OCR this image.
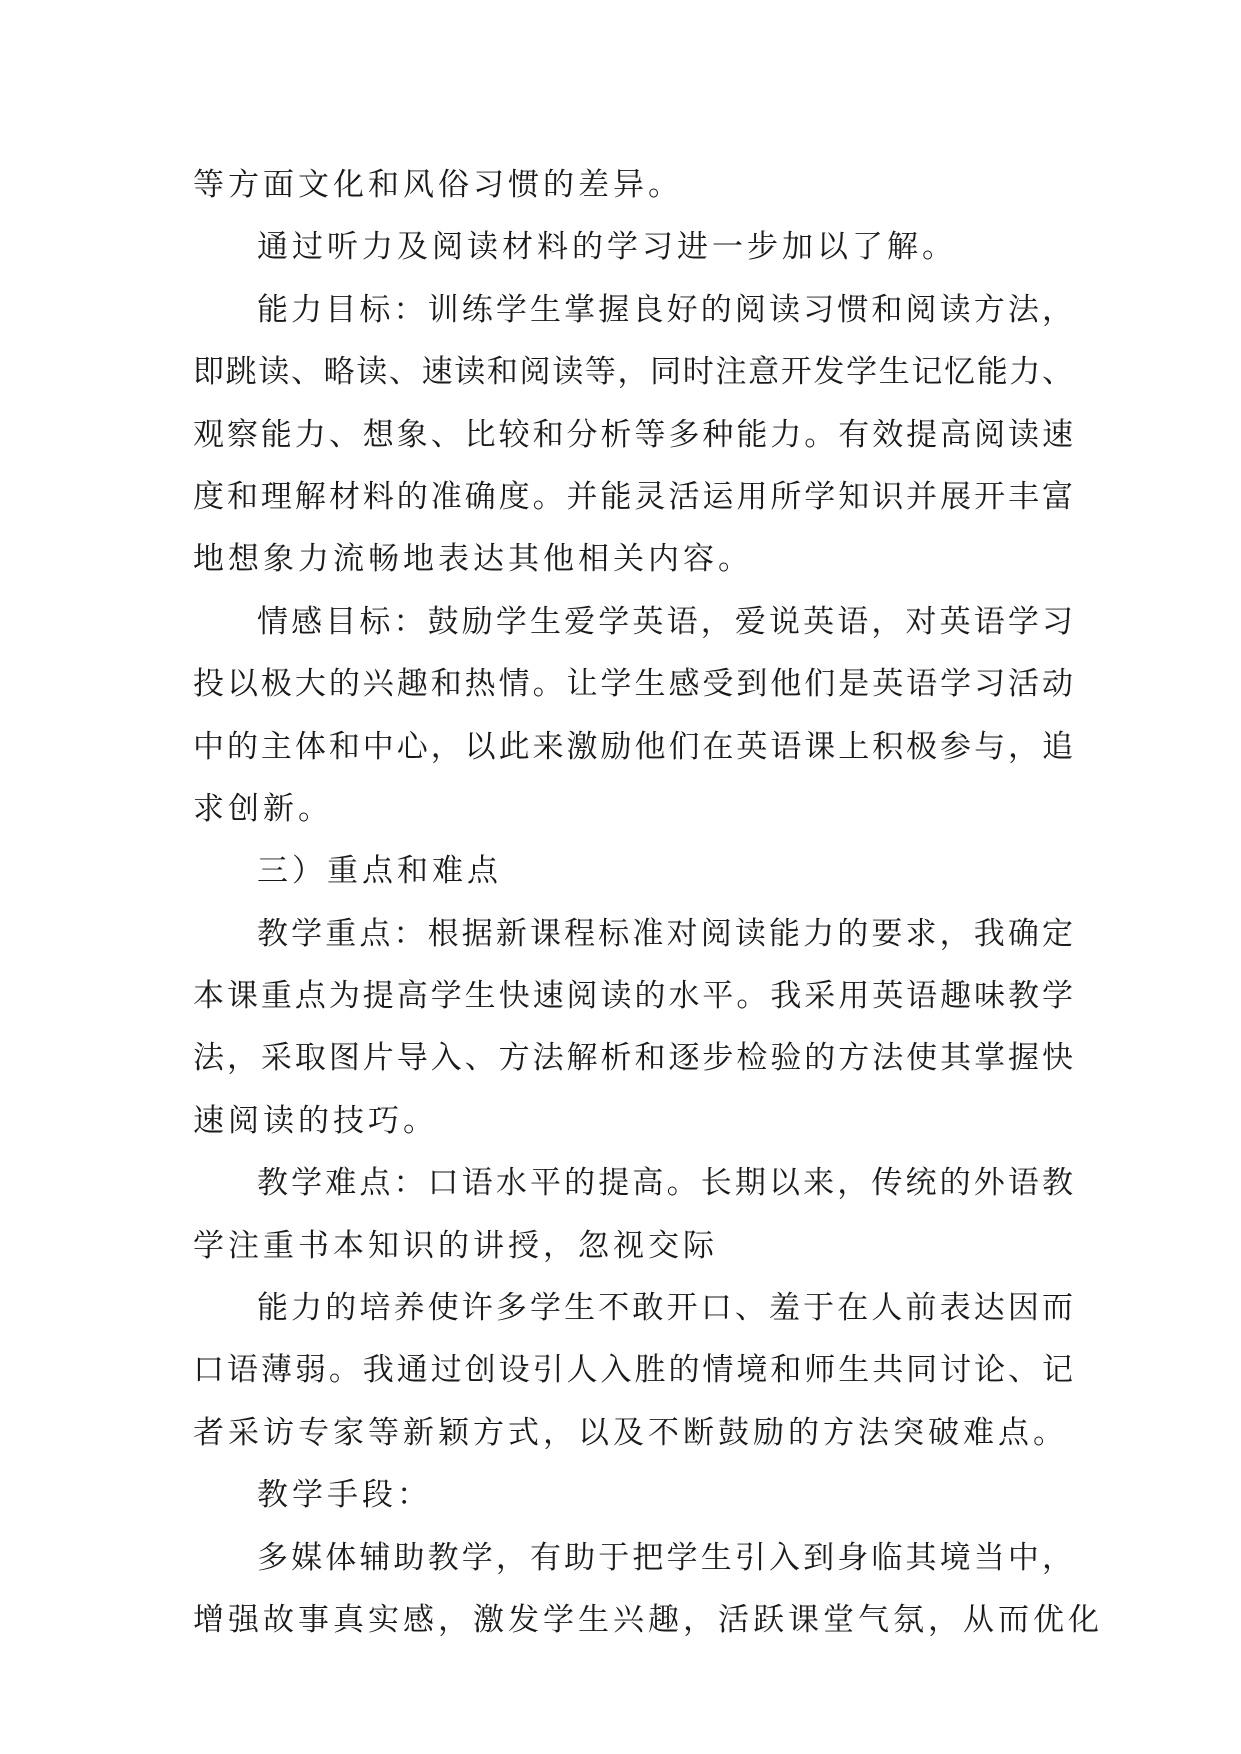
等方面文化和风俗习惯的差异。
通过听力及阅读材料的学习进一步加以了解。
能力目标：训练学生掌握良好的阅读习惯和阅读方法，
即跳读、略读、速读和阅读等，同时注意开发学生记忆能力、
观察能力、想象、比较和分析等多种能力。有效提高阅读速
度和理解材料的准确度。并能灵活运用所学知识并展开丰富
地想象力流畅地表达其他相关内容。
情感目标：鼓励学生爱学英语，爱说英语，对英语学习
投以极大的兴趣和热情。让学生感受到他们是英语学习活动
中的主体和中心，以此来激励他们在英语课上积极参与，追
求创新。
三）重点和难点
教学重点：根据新课程标准对阅读能力的要求，我确定
本课重点为提高学生快速阅读的水平。我采用英语趣味教学
法，采取图片导入、方法解析和逐步检验的方法使其掌握快
速阅读的技巧。
教学难点：口语水平的提高。长期以来，传统的外语教
学注重书本知识的讲授，忽视交际
能力的培养使许多学生不敢开口、羞于在人前表达因而
口语薄弱。我通过创设引人入胜的情境和师生共同讨论、记
者采访专家等新颖方式，以及不断鼓励的方法突破难点。
教学手段：
多媒体辅助教学，有助于把学生引入到身临其境当中，
增强故事真实感，激发学生兴趣，活跃课堂气氛，从而优化
